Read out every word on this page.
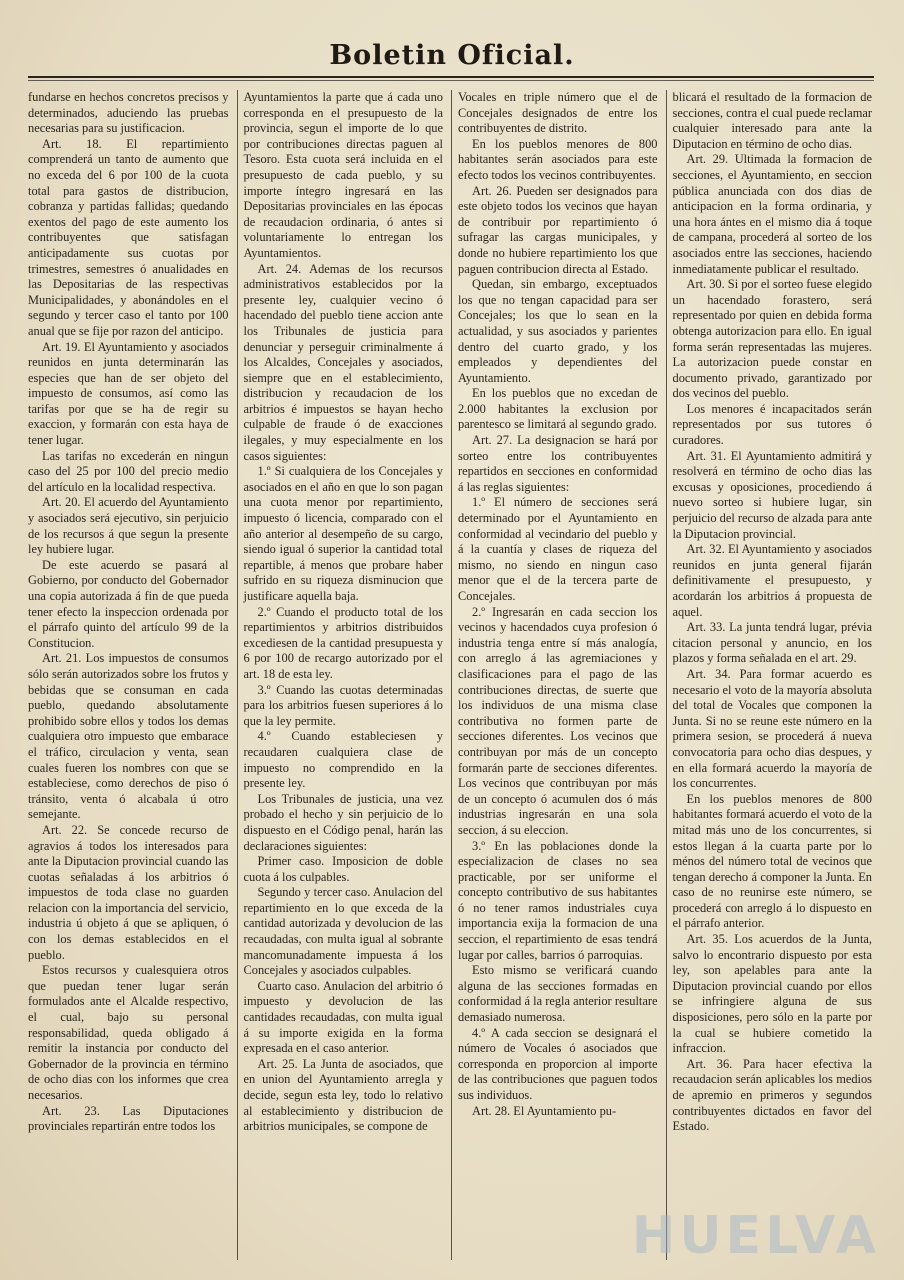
Boletin Oficial.

fundarse en hechos concretos precisos y determinados, aduciendo las pruebas necesarias para su justificacion.

Art. 18. El repartimiento comprenderá un tanto de aumento que no exceda del 6 por 100 de la cuota total para gastos de distribucion, cobranza y partidas fallidas; quedando exentos del pago de este aumento los contribuyentes que satisfagan anticipadamente sus cuotas por trimestres, semestres ó anualidades en las Depositarias de las respectivas Municipalidades, y abonándoles en el segundo y tercer caso el tanto por 100 anual que se fije por razon del anticipo.

Art. 19. El Ayuntamiento y asociados reunidos en junta determinarán las especies que han de ser objeto del impuesto de consumos, así como las tarifas por que se ha de regir su exaccion, y formarán con esta haya de tener lugar.

Las tarifas no excederán en ningun caso del 25 por 100 del precio medio del artículo en la localidad respectiva.

Art. 20. El acuerdo del Ayuntamiento y asociados será ejecutivo, sin perjuicio de los recursos á que segun la presente ley hubiere lugar.

De este acuerdo se pasará al Gobierno, por conducto del Gobernador una copia autorizada á fin de que pueda tener efecto la inspeccion ordenada por el párrafo quinto del artículo 99 de la Constitucion.

Art. 21. Los impuestos de consumos sólo serán autorizados sobre los frutos y bebidas que se consuman en cada pueblo, quedando absolutamente prohibido sobre ellos y todos los demas cualquiera otro impuesto que embarace el tráfico, circulacion y venta, sean cuales fueren los nombres con que se estableciese, como derechos de piso ó tránsito, venta ó alcabala ú otro semejante.

Art. 22. Se concede recurso de agravios á todos los interesados para ante la Diputacion provincial cuando las cuotas señaladas á los arbitrios ó impuestos de toda clase no guarden relacion con la importancia del servicio, industria ú objeto á que se apliquen, ó con los demas establecidos en el pueblo.

Estos recursos y cualesquiera otros que puedan tener lugar serán formulados ante el Alcalde respectivo, el cual, bajo su personal responsabilidad, queda obligado á remitir la instancia por conducto del Gobernador de la provincia en término de ocho dias con los informes que crea necesarios.

Art. 23. Las Diputaciones provinciales repartirán entre todos los

Ayuntamientos la parte que á cada uno corresponda en el presupuesto de la provincia, segun el importe de lo que por contribuciones directas paguen al Tesoro. Esta cuota será incluida en el presupuesto de cada pueblo, y su importe íntegro ingresará en las Depositarias provinciales en las épocas de recaudacion ordinaria, ó antes si voluntariamente lo entregan los Ayuntamientos.

Art. 24. Ademas de los recursos administrativos establecidos por la presente ley, cualquier vecino ó hacendado del pueblo tiene accion ante los Tribunales de justicia para denunciar y perseguir criminalmente á los Alcaldes, Concejales y asociados, siempre que en el establecimiento, distribucion y recaudacion de los arbitrios é impuestos se hayan hecho culpable de fraude ó de exacciones ilegales, y muy especialmente en los casos siguientes:

1.º Si cualquiera de los Concejales y asociados en el año en que lo son pagan una cuota menor por repartimiento, impuesto ó licencia, comparado con el año anterior al desempeño de su cargo, siendo igual ó superior la cantidad total repartible, á menos que probare haber sufrido en su riqueza disminucion que justificare aquella baja.

2.º Cuando el producto total de los repartimientos y arbitrios distribuidos excediesen de la cantidad presupuesta y 6 por 100 de recargo autorizado por el art. 18 de esta ley.

3.º Cuando las cuotas determinadas para los arbitrios fuesen superiores á lo que la ley permite.

4.º Cuando estableciesen y recaudaren cualquiera clase de impuesto no comprendido en la presente ley.

Los Tribunales de justicia, una vez probado el hecho y sin perjuicio de lo dispuesto en el Código penal, harán las declaraciones siguientes:

Primer caso. Imposicion de doble cuota á los culpables.

Segundo y tercer caso. Anulacion del repartimiento en lo que exceda de la cantidad autorizada y devolucion de las recaudadas, con multa igual al sobrante mancomunadamente impuesta á los Concejales y asociados culpables.

Cuarto caso. Anulacion del arbitrio ó impuesto y devolucion de las cantidades recaudadas, con multa igual á su importe exigida en la forma expresada en el caso anterior.

Art. 25. La Junta de asociados, que en union del Ayuntamiento arregla y decide, segun esta ley, todo lo relativo al establecimiento y distribucion de arbitrios municipales, se compone de

Vocales en triple número que el de Concejales designados de entre los contribuyentes de distrito.

En los pueblos menores de 800 habitantes serán asociados para este efecto todos los vecinos contribuyentes.

Art. 26. Pueden ser designados para este objeto todos los vecinos que hayan de contribuir por repartimiento ó sufragar las cargas municipales, y donde no hubiere repartimiento los que paguen contribucion directa al Estado.

Quedan, sin embargo, exceptuados los que no tengan capacidad para ser Concejales; los que lo sean en la actualidad, y sus asociados y parientes dentro del cuarto grado, y los empleados y dependientes del Ayuntamiento.

En los pueblos que no excedan de 2.000 habitantes la exclusion por parentesco se limitará al segundo grado.

Art. 27. La designacion se hará por sorteo entre los contribuyentes repartidos en secciones en conformidad á las reglas siguientes:

1.º El número de secciones será determinado por el Ayuntamiento en conformidad al vecindario del pueblo y á la cuantía y clases de riqueza del mismo, no siendo en ningun caso menor que el de la tercera parte de Concejales.

2.º Ingresarán en cada seccion los vecinos y hacendados cuya profesion ó industria tenga entre sí más analogía, con arreglo á las agremiaciones y clasificaciones para el pago de las contribuciones directas, de suerte que los individuos de una misma clase contributiva no formen parte de secciones diferentes. Los vecinos que contribuyan por más de un concepto formarán parte de secciones diferentes. Los vecinos que contribuyan por más de un concepto ó acumulen dos ó más industrias ingresarán en una sola seccion, á su eleccion.

3.º En las poblaciones donde la especializacion de clases no sea practicable, por ser uniforme el concepto contributivo de sus habitantes ó no tener ramos industriales cuya importancia exija la formacion de una seccion, el repartimiento de esas tendrá lugar por calles, barrios ó parroquias.

Esto mismo se verificará cuando alguna de las secciones formadas en conformidad á la regla anterior resultare demasiado numerosa.

4.º A cada seccion se designará el número de Vocales ó asociados que corresponda en proporcion al importe de las contribuciones que paguen todos sus individuos.

Art. 28. El Ayuntamiento pu-

blicará el resultado de la formacion de secciones, contra el cual puede reclamar cualquier interesado para ante la Diputacion en término de ocho dias.

Art. 29. Ultimada la formacion de secciones, el Ayuntamiento, en seccion pública anunciada con dos dias de anticipacion en la forma ordinaria, y una hora ántes en el mismo dia á toque de campana, procederá al sorteo de los asociados entre las secciones, haciendo inmediatamente publicar el resultado.

Art. 30. Si por el sorteo fuese elegido un hacendado forastero, será representado por quien en debida forma obtenga autorizacion para ello. En igual forma serán representadas las mujeres. La autorizacion puede constar en documento privado, garantizado por dos vecinos del pueblo.

Los menores é incapacitados serán representados por sus tutores ó curadores.

Art. 31. El Ayuntamiento admitirá y resolverá en término de ocho dias las excusas y oposiciones, procediendo á nuevo sorteo si hubiere lugar, sin perjuicio del recurso de alzada para ante la Diputacion provincial.

Art. 32. El Ayuntamiento y asociados reunidos en junta general fijarán definitivamente el presupuesto, y acordarán los arbitrios á propuesta de aquel.

Art. 33. La junta tendrá lugar, prévia citacion personal y anuncio, en los plazos y forma señalada en el art. 29.

Art. 34. Para formar acuerdo es necesario el voto de la mayoría absoluta del total de Vocales que componen la Junta. Si no se reune este número en la primera sesion, se procederá á nueva convocatoria para ocho dias despues, y en ella formará acuerdo la mayoría de los concurrentes.

En los pueblos menores de 800 habitantes formará acuerdo el voto de la mitad más uno de los concurrentes, si estos llegan á la cuarta parte por lo ménos del número total de vecinos que tengan derecho á componer la Junta. En caso de no reunirse este número, se procederá con arreglo á lo dispuesto en el párrafo anterior.

Art. 35. Los acuerdos de la Junta, salvo lo encontrario dispuesto por esta ley, son apelables para ante la Diputacion provincial cuando por ellos se infringiere alguna de sus disposiciones, pero sólo en la parte por la cual se hubiere cometido la infraccion.

Art. 36. Para hacer efectiva la recaudacion serán aplicables los medios de apremio en primeros y segundos contribuyentes dictados en favor del Estado.

HUELVA
